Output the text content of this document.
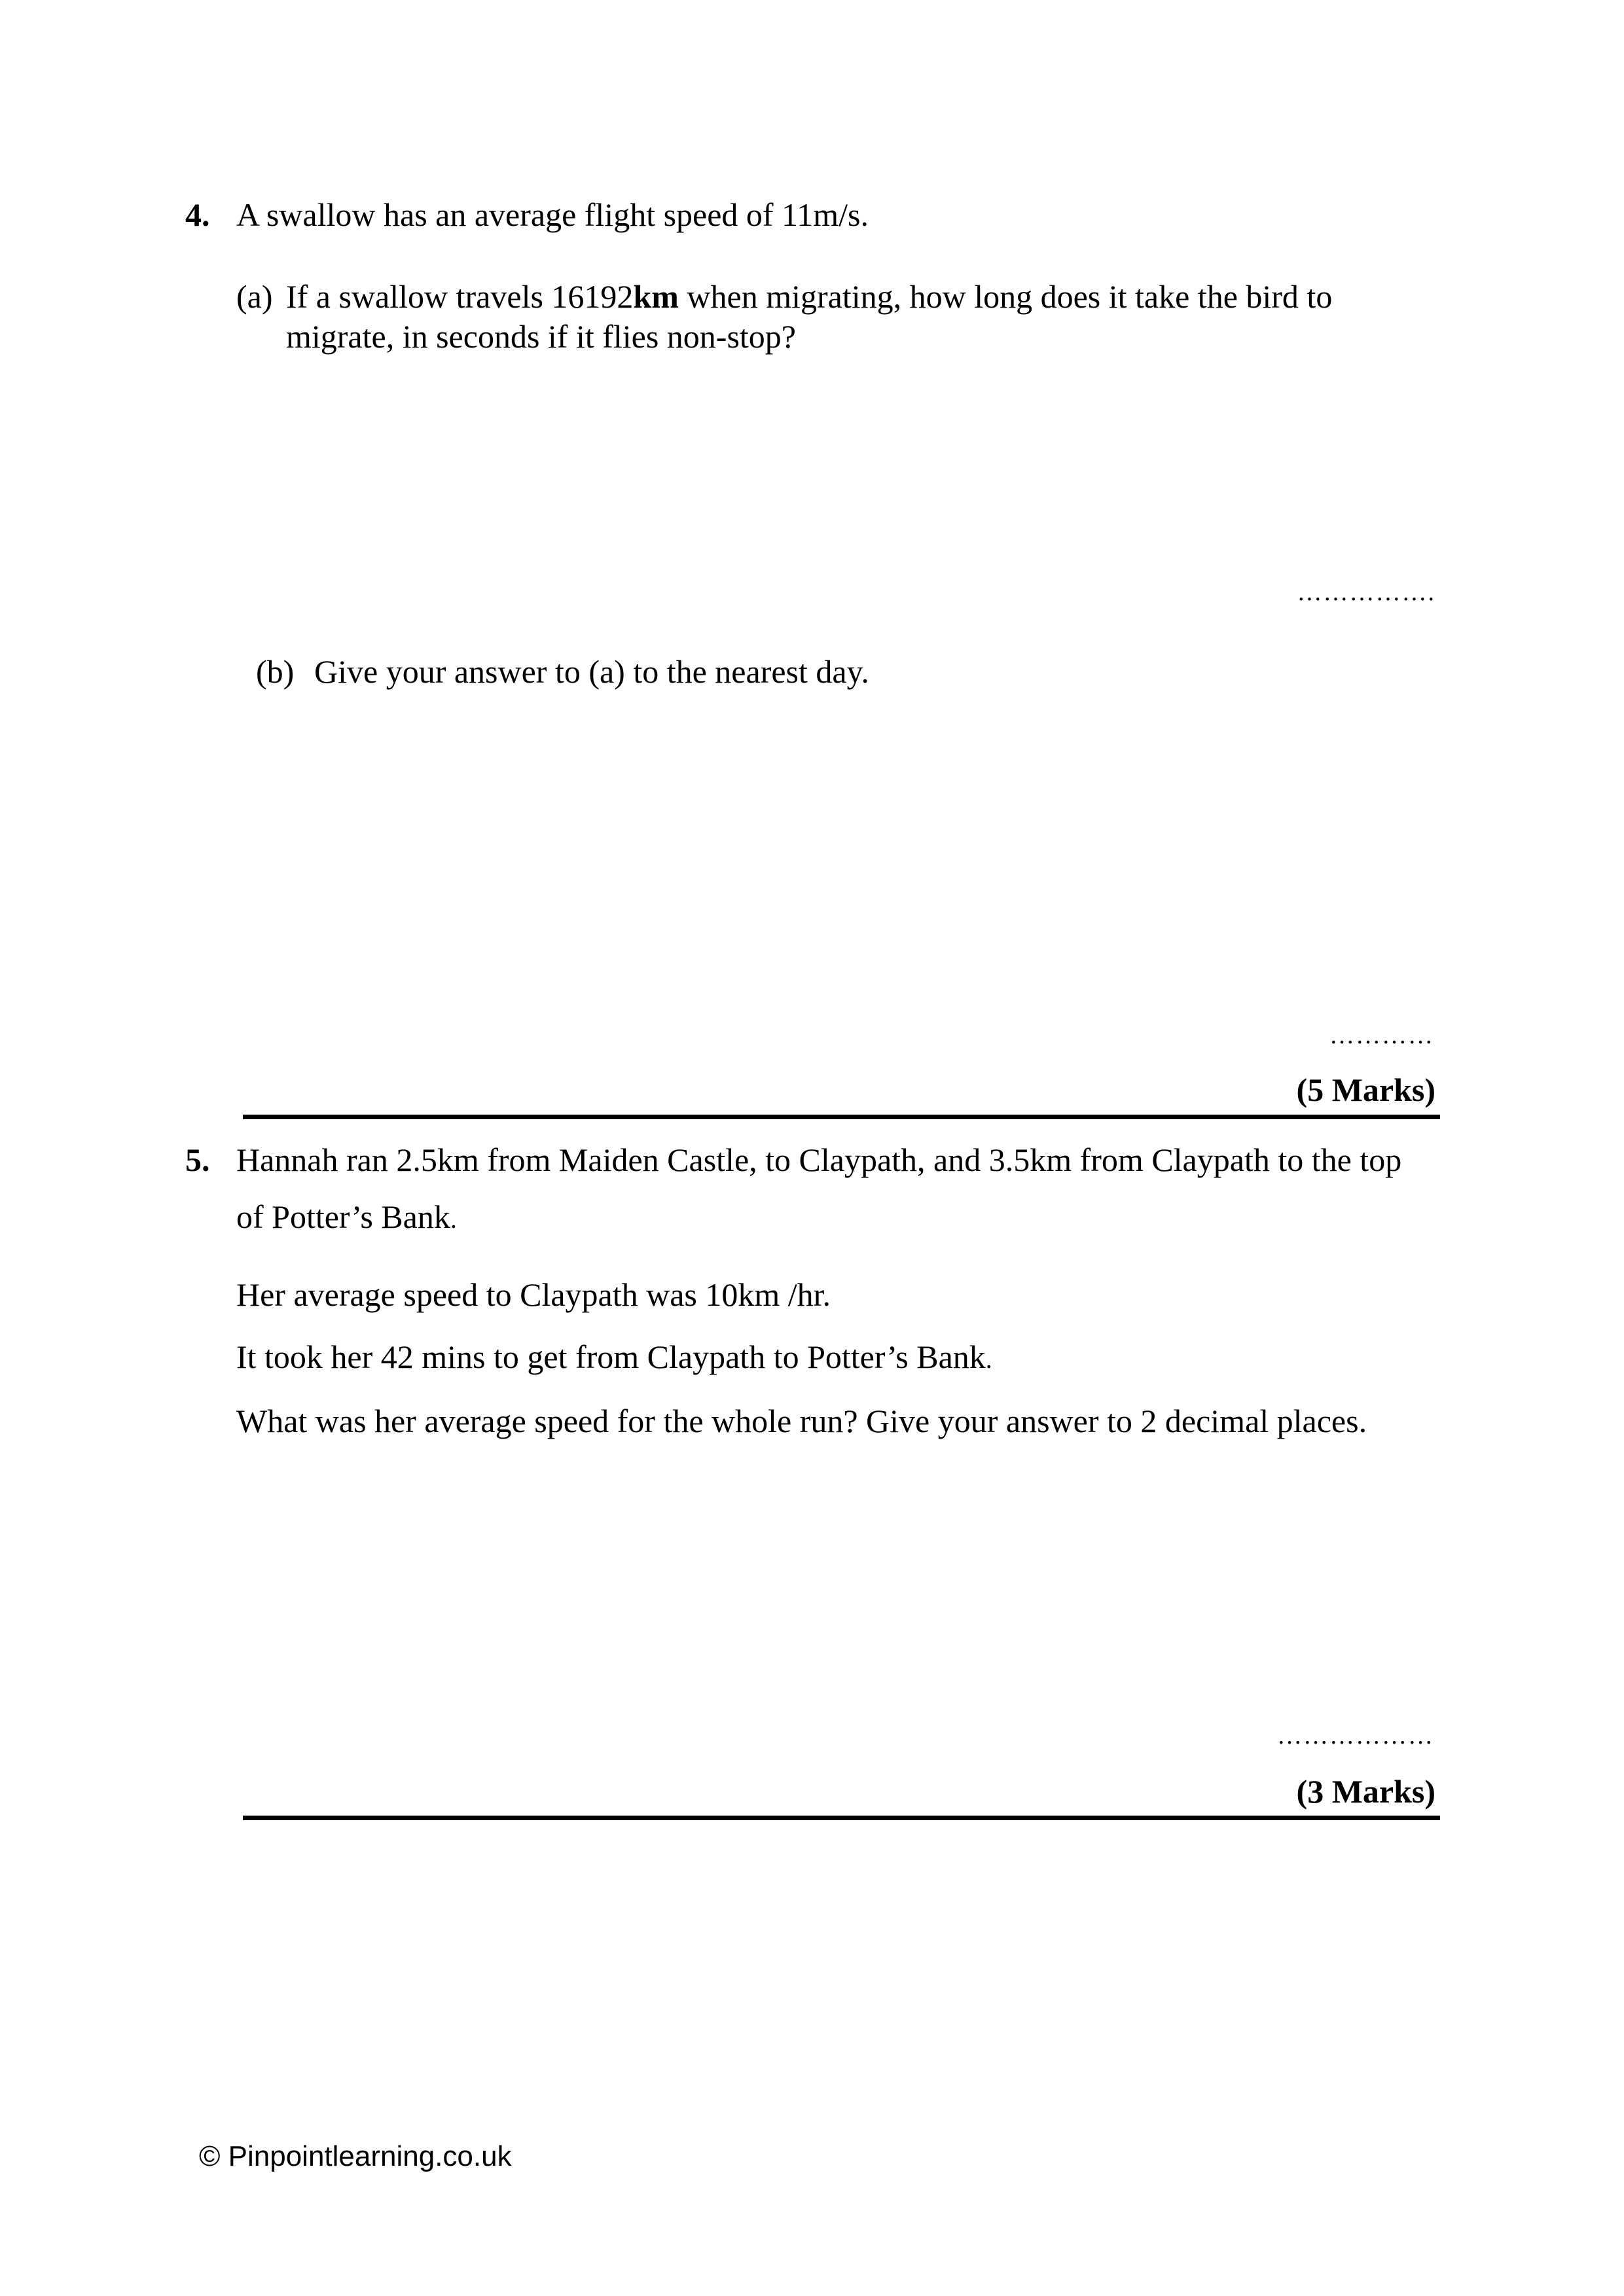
4. A swallow has an average flight speed of 11m/s.
(a) If a swallow travels 16192km when migrating, how long does it take the bird to
migrate, in seconds if it flies non-stop?
…………….
(b) Give your answer to (a) to the nearest day.
…………
(5 Marks)
5. Hannah ran 2.5km from Maiden Castle, to Claypath, and 3.5km from Claypath to the top
of Potter’s Bank.
Her average speed to Claypath was 10km /hr.
It took her 42 mins to get from Claypath to Potter’s Bank.
What was her average speed for the whole run? Give your answer to 2 decimal places.
………………
(3 Marks)
© Pinpointlearning.co.uk
